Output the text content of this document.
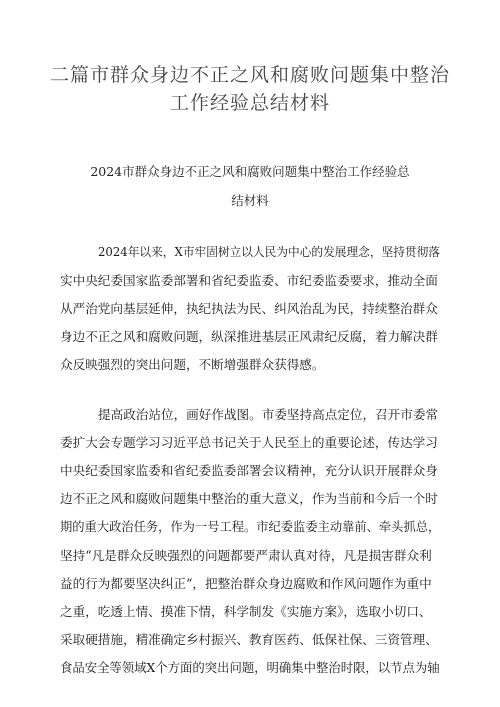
二篇市群众身边不正之风和腐败问题集中整治
工作经验总结材料
2024市群众身边不正之风和腐败问题集中整治工作经验总
结材料
2024年以来，X市牢固树立以人民为中心的发展理念，坚持贯彻落
实中央纪委国家监委部署和省纪委监委、市纪委监委要求，推动全面
从严治党向基层延伸，执纪执法为民、纠风治乱为民，持续整治群众
身边不正之风和腐败问题，纵深推进基层正风肃纪反腐，着力解决群
众反映强烈的突出问题，不断增强群众获得感。
提高政治站位，画好作战图。市委坚持高点定位，召开市委常
委扩大会专题学习习近平总书记关于人民至上的重要论述，传达学习
中央纪委国家监委和省纪委监委部署会议精神，充分认识开展群众身
边不正之风和腐败问题集中整治的重大意义，作为当前和今后一个时
期的重大政治任务，作为一号工程。市纪委监委主动靠前、牵头抓总，
坚持“凡是群众反映强烈的问题都要严肃认真对待，凡是损害群众利
益的行为都要坚决纠正“，把整治群众身边腐败和作风问题作为重中
之重，吃透上情、摸准下情，科学制发《实施方案》，选取小切口、
采取硬措施，精准确定乡村振兴、教育医药、低保社保、三资管理、
食品安全等领域X个方面的突出问题，明确集中整治时限，以节点为轴
